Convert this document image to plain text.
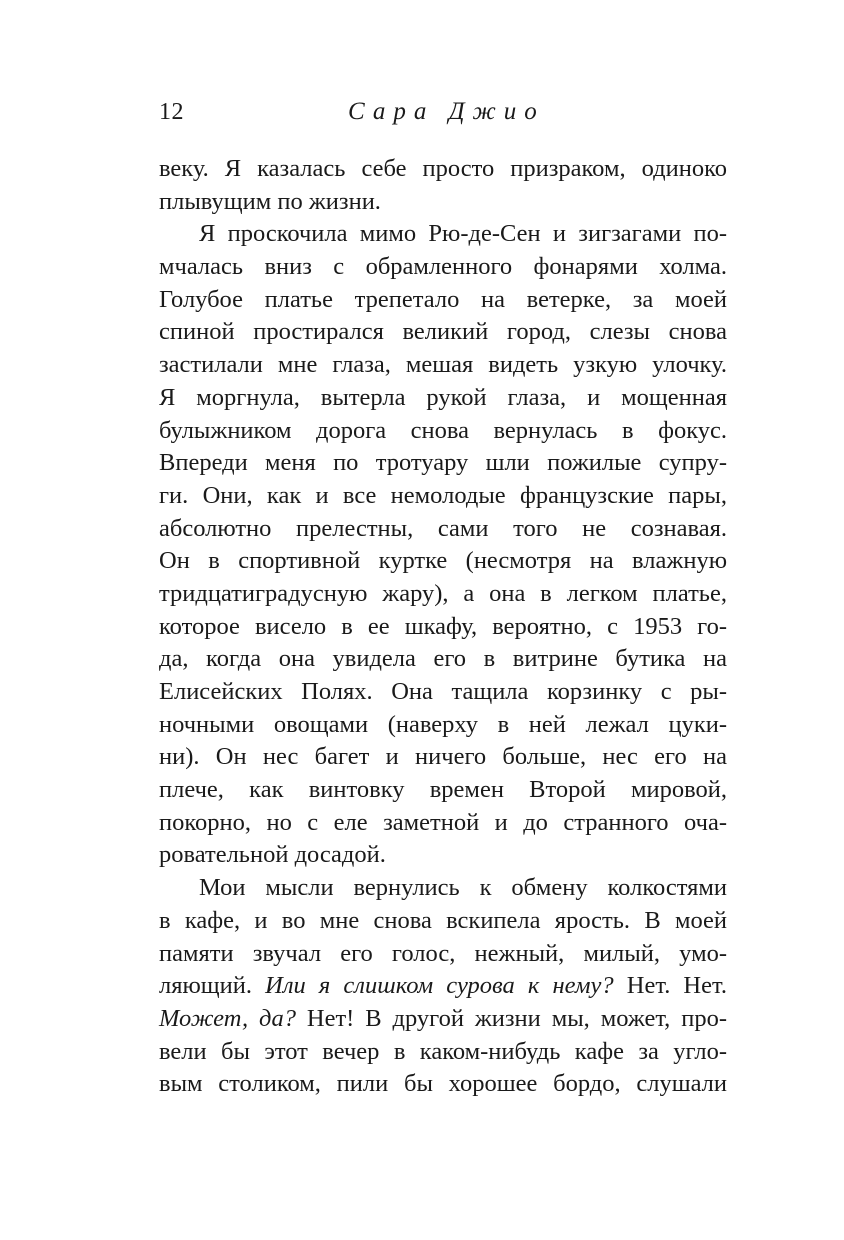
12	Сара Джио
веку. Я казалась себе просто призраком, одиноко
плывущим по жизни.
Я проскочила мимо Рю-де-Сен и зигзагами по-
мчалась вниз с обрамленного фонарями холма.
Голубое платье трепетало на ветерке, за моей
спиной простирался великий город, слезы снова
застилали мне глаза, мешая видеть узкую улочку.
Я моргнула, вытерла рукой глаза, и мощенная
булыжником дорога снова вернулась в фокус.
Впереди меня по тротуару шли пожилые супру-
ги. Они, как и все немолодые французские пары,
абсолютно прелестны, сами того не сознавая.
Он в спортивной куртке (несмотря на влажную
тридцатиградусную жару), а она в легком платье,
которое висело в ее шкафу, вероятно, с 1953 го-
да, когда она увидела его в витрине бутика на
Елисейских Полях. Она тащила корзинку с ры-
ночными овощами (наверху в ней лежал цуки-
ни). Он нес багет и ничего больше, нес его на
плече, как винтовку времен Второй мировой,
покорно, но с еле заметной и до странного оча-
ровательной досадой.
Мои мысли вернулись к обмену колкостями
в кафе, и во мне снова вскипела ярость. В моей
памяти звучал его голос, нежный, милый, умо-
ляющий. Или я слишком сурова к нему? Нет. Нет.
Может, да? Нет! В другой жизни мы, может, про-
вели бы этот вечер в каком-нибудь кафе за угло-
вым столиком, пили бы хорошее бордо, слушали
